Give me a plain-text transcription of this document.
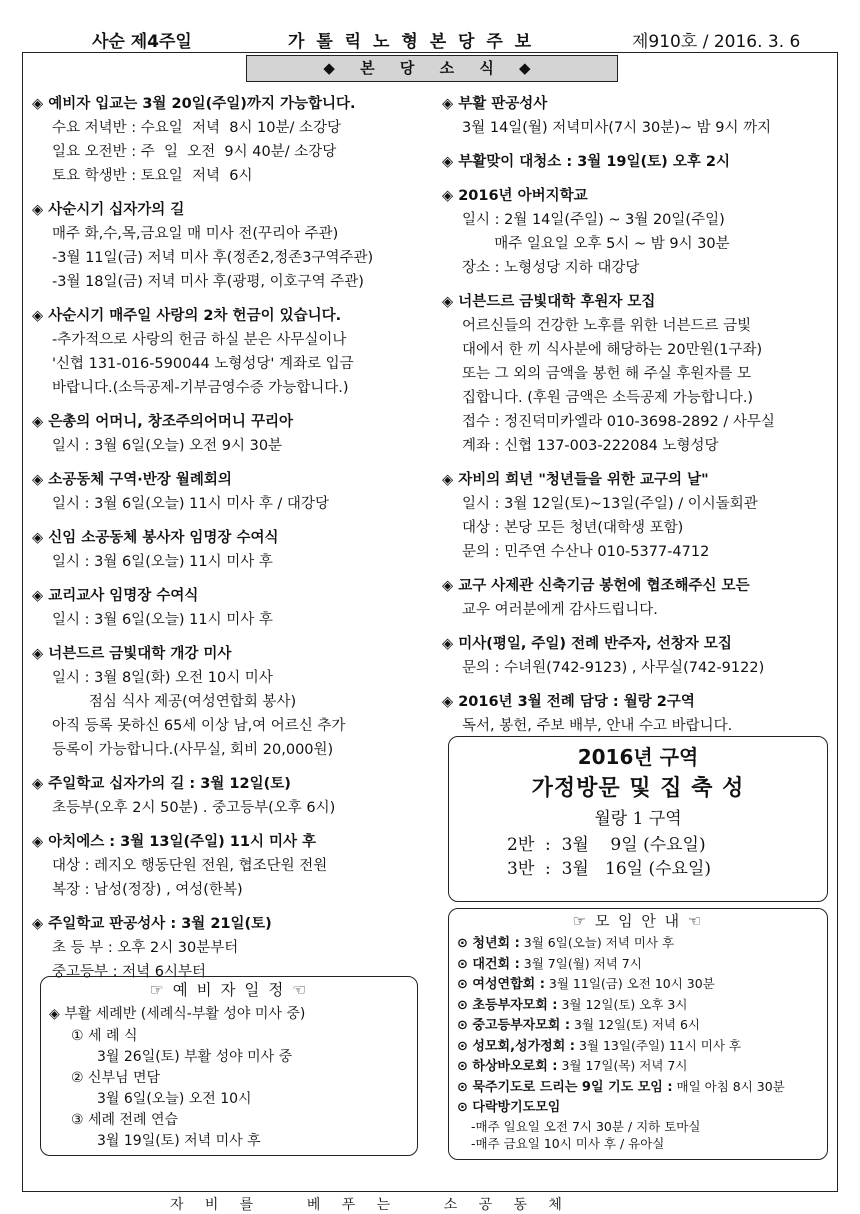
사순 제4주일	가 톨 릭 노 형 본 당 주 보	제910호 / 2016. 3. 6
◆ 본 당 소 식 ◆
◈ 예비자 입교는 3월 20일(주일)까지 가능합니다.
수요 저녁반 : 수요일  저녁  8시 10분/ 소강당
일요 오전반 : 주  일  오전  9시 40분/ 소강당
토요 학생반 : 토요일  저녁  6시
◈ 사순시기 십자가의 길
매주 화,수,목,금요일 매 미사 전(꾸리아 주관)
-3월 11일(금) 저녁 미사 후(정존2,정존3구역주관)
-3월 18일(금) 저녁 미사 후(광평, 이호구역 주관)
◈ 사순시기 매주일 사랑의 2차 헌금이 있습니다.
-추가적으로 사랑의 헌금 하실 분은 사무실이나
'신협 131-016-590044 노형성당' 계좌로 입금
바랍니다.(소득공제-기부금영수증 가능합니다.)
◈ 은총의 어머니, 창조주의어머니 꾸리아
일시 : 3월 6일(오늘) 오전 9시 30분
◈ 소공동체 구역·반장 월례회의
일시 : 3월 6일(오늘) 11시 미사 후 / 대강당
◈ 신임 소공동체 봉사자 임명장 수여식
일시 : 3월 6일(오늘) 11시 미사 후
◈ 교리교사 임명장 수여식
일시 : 3월 6일(오늘) 11시 미사 후
◈ 너븐드르 금빛대학 개강 미사
일시 : 3월 8일(화) 오전 10시 미사
점심 식사 제공(여성연합회 봉사)
아직 등록 못하신 65세 이상 남,여 어르신 추가
등록이 가능합니다.(사무실, 회비 20,000원)
◈ 주일학교 십자가의 길 : 3월 12일(토)
초등부(오후 2시 50분) . 중고등부(오후 6시)
◈ 아치에스 : 3월 13일(주일) 11시 미사 후
대상 : 레지오 행동단원 전원, 협조단원 전원
복장 : 남성(정장) , 여성(한복)
◈ 주일학교 판공성사 : 3월 21일(토)
초 등 부 : 오후 2시 30분부터
중고등부 : 저녁 6시부터
☞ 예 비 자 일 정 ☜
◈ 부활 세례반 (세례식-부활 성야 미사 중)
① 세 례 식
3월 26일(토) 부활 성야 미사 중
② 신부님 면담
3월 6일(오늘) 오전 10시
③ 세례 전례 연습
3월 19일(토) 저녁 미사 후
◈ 부활 판공성사
3월 14일(월) 저녁미사(7시 30분)~ 밤 9시 까지
◈ 부활맞이 대청소 : 3월 19일(토) 오후 2시
◈ 2016년 아버지학교
일시 : 2월 14일(주일) ~ 3월 20일(주일)
매주 일요일 오후 5시 ~ 밤 9시 30분
장소 : 노형성당 지하 대강당
◈ 너븐드르 금빛대학 후원자 모집
어르신들의 건강한 노후를 위한 너븐드르 금빛
대에서 한 끼 식사분에 해당하는 20만원(1구좌)
또는 그 외의 금액을 봉헌 해 주실 후원자를 모
집합니다. (후원 금액은 소득공제 가능합니다.)
접수 : 정진덕미카엘라 010-3698-2892 / 사무실
계좌 : 신협 137-003-222084 노형성당
◈ 자비의 희년 "청년들을 위한 교구의 날"
일시 : 3월 12일(토)~13일(주일) / 이시돌회관
대상 : 본당 모든 청년(대학생 포함)
문의 : 민주연 수산나 010-5377-4712
◈ 교구 사제관 신축기금 봉헌에 협조해주신 모든
교우 여러분에게 감사드립니다.
◈ 미사(평일, 주일) 전례 반주자, 선창자 모집
문의 : 수녀원(742-9123) , 사무실(742-9122)
◈ 2016년 3월 전례 담당 : 월랑 2구역
독서, 봉헌, 주보 배부, 안내 수고 바랍니다.
2016년 구역
가정방문 및 집 축 성
월랑 1 구역
2반  :  3월    9일 (수요일)
3반  :  3월   16일 (수요일)
☞ 모 임 안 내 ☜
⊙ 청년회 : 3월 6일(오늘) 저녁 미사 후
⊙ 대건회 : 3월 7일(월) 저녁 7시
⊙ 여성연합회 : 3월 11일(금) 오전 10시 30분
⊙ 초등부자모회 : 3월 12일(토) 오후 3시
⊙ 중고등부자모회 : 3월 12일(토) 저녁 6시
⊙ 성모회,성가정회 : 3월 13일(주일) 11시 미사 후
⊙ 하상바오로회 : 3월 17일(목) 저녁 7시
⊙ 묵주기도로 드리는 9일 기도 모임 : 매일 아침 8시 30분
⊙ 다락방기도모임
-매주 일요일 오전 7시 30분 / 지하 토마실
-매주 금요일 10시 미사 후 / 유아실
자   비   를        베   푸   는        소   공   동   체
